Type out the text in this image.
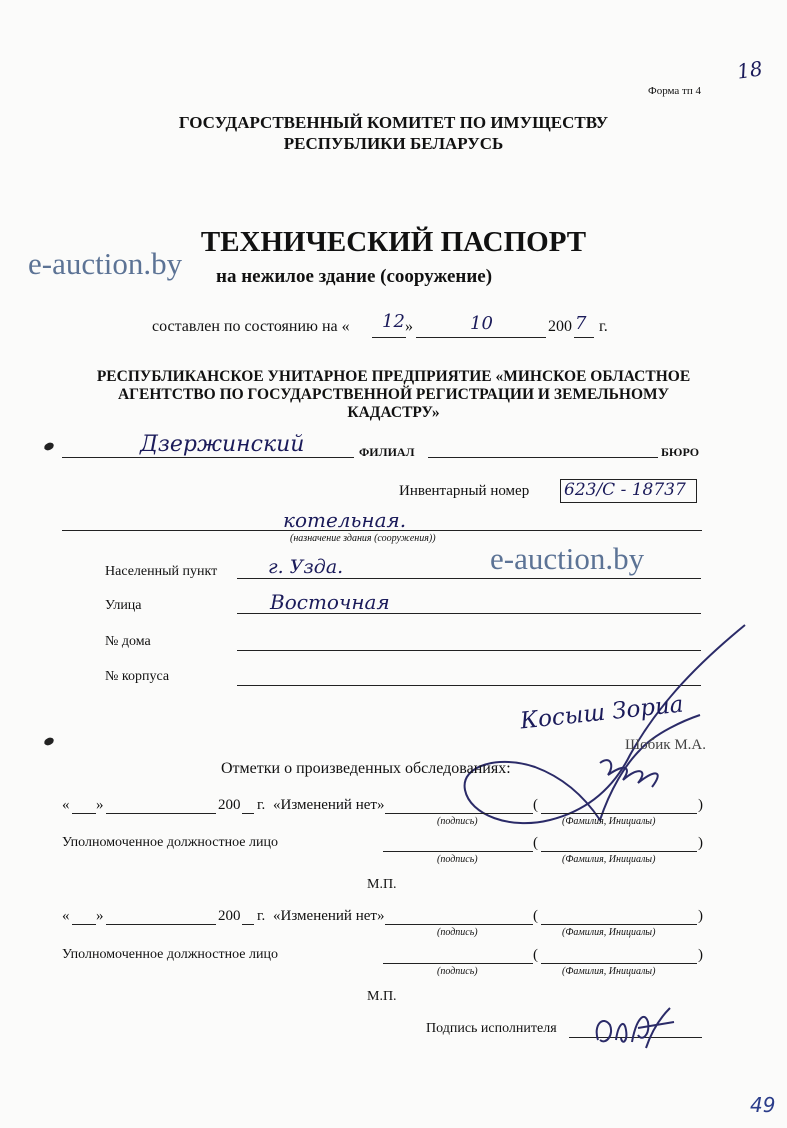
Форма тп 4
18
ГОСУДАРСТВЕННЫЙ КОМИТЕТ ПО ИМУЩЕСТВУ
РЕСПУБЛИКИ БЕЛАРУСЬ
ТЕХНИЧЕСКИЙ ПАСПОРТ
на нежилое здание (сооружение)
e-auction.by
составлен по состоянию на « 12 »	10	200 7 г.
РЕСПУБЛИКАНСКОЕ УНИТАРНОЕ ПРЕДПРИЯТИЕ «МИНСКОЕ ОБЛАСТНОЕ
АГЕНТСТВО ПО ГОСУДАРСТВЕННОЙ РЕГИСТРАЦИИ И ЗЕМЕЛЬНОМУ
КАДАСТРУ»
Дзержинский	ФИЛИАЛ	БЮРО
Инвентарный номер 623/С - 18737
котельная.
(назначение здания (сооружения))
e-auction.by
Населенный пункт	г. Узда.
Улица	Восточная
№ дома
№ корпуса
Косыш Зориа
Шобик М.А.
Отметки о произведенных обследованиях:
« »	200 г. «Изменений нет»	(	)
(подпись)	(Фамилия, Инициалы)
Уполномоченное должностное лицо	(	)
(подпись)	(Фамилия, Инициалы)
М.П.
« »	200 г. «Изменений нет»	(	)
(подпись)	(Фамилия, Инициалы)
Уполномоченное должностное лицо	(	)
(подпись)	(Фамилия, Инициалы)
М.П.
Подпись исполнителя
49
